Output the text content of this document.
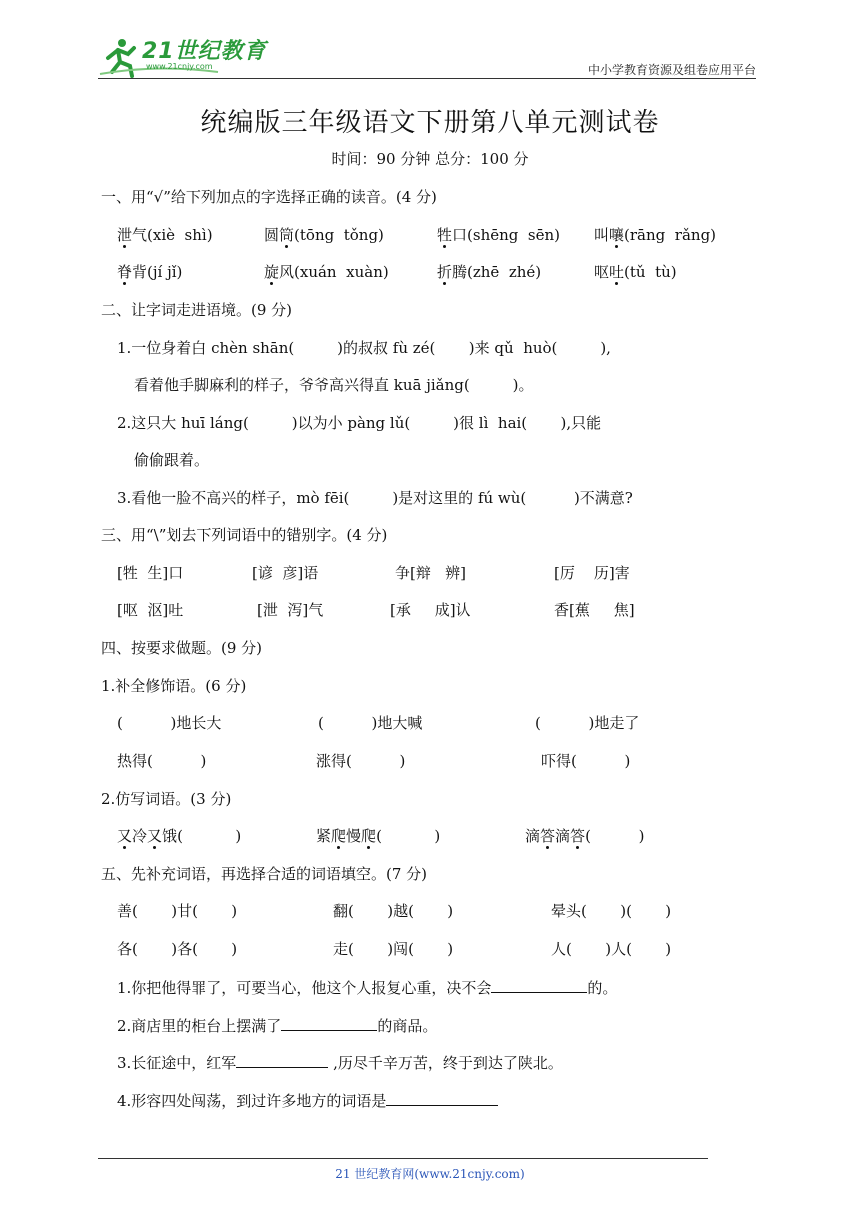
21世纪教育
www.21cnjy.com	中小学教育资源及组卷应用平台
统编版三年级语文下册第八单元测试卷
时间：90 分钟 总分：100 分
一、用“√”给下列加点的字选择正确的读音。(4 分)
泄气(xiè  shì)	圆筒(tōng  tǒng)	牲口(shēng  sēn) 叫嚷(rāng  rǎng)
脊背(jí jǐ)	旋风(xuán  xuàn)	折腾(zhē  zhé)	呕吐(tǔ  tù)
二、让字词走进语境。(9 分)
1.一位身着白 chèn shān(         )的叔叔 fù zé(       )来 qǔ  huò(         ),
看着他手脚麻利的样子，爷爷高兴得直 kuā jiǎng(         )。
2.这只大 huī láng(         )以为小 pàng lǔ(         )很 lì  hai(       ),只能
偷偷跟着。
3.看他一脸不高兴的样子，mò fēi(         )是对这里的 fú wù(          )不满意?
三、用“\”划去下列词语中的错别字。(4 分)
[牲  生]口	[谚  彦]语	争[辩   辨]	[厉    历]害
[呕  沤]吐	[泄  泻]气	[承     成]认	香[蕉     焦]
四、按要求做题。(9 分)
1.补全修饰语。(6 分)
(          )地长大	(          )地大喊	(          )地走了
热得(          )	涨得(          )	吓得(          )
2.仿写词语。(3 分)
又冷又饿(           )	紧爬慢爬(           )	滴答滴答(          )
五、先补充词语，再选择合适的词语填空。(7 分)
善(       )甘(       )	翻(       )越(       )	晕头(       )(       )
各(       )各(       )	走(       )闯(       )	人(       )人(       )
1.你把他得罪了，可要当心，他这个人报复心重，决不会	的。
2.商店里的柜台上摆满了	的商品。
3.长征途中，红军	,历尽千辛万苦，终于到达了陕北。
4.形容四处闯荡，到过许多地方的词语是
21 世纪教育网(www.21cnjy.com)
